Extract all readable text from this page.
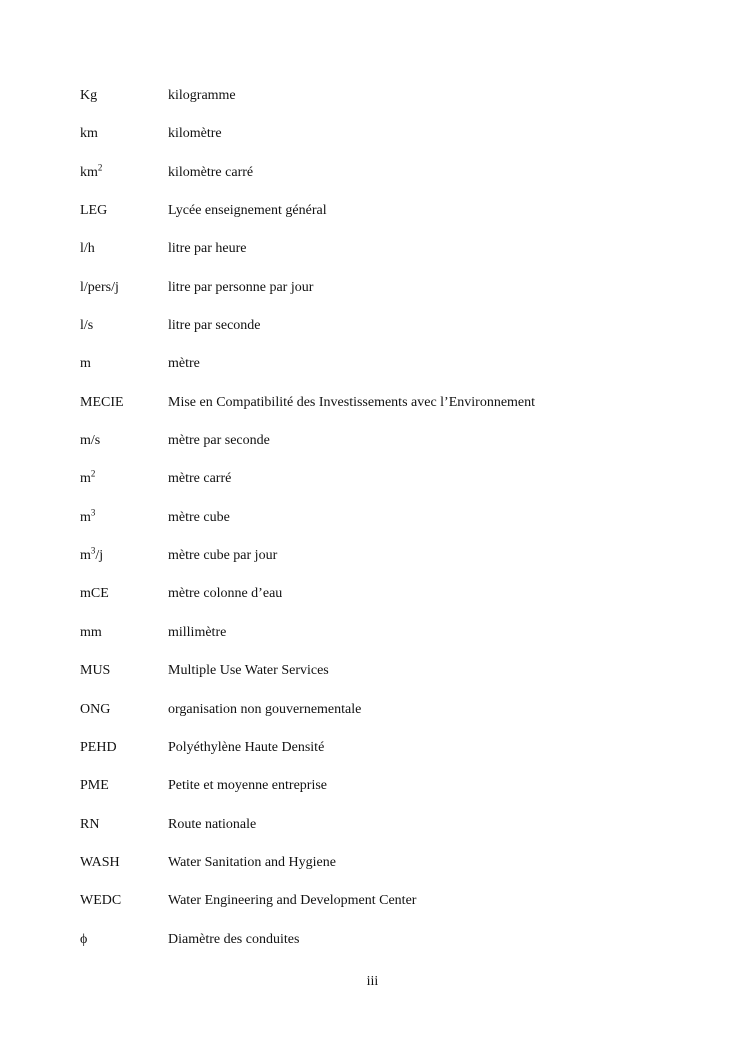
Kg	kilogramme
km	kilomètre
$km^2$	kilomètre carré
LEG	Lycée enseignement général
l/h	litre par heure
l/pers/j	litre par personne par jour
l/s	litre par seconde
m	mètre
MECIE	Mise en Compatibilité des Investissements avec l’Environnement
m/s	mètre par seconde
$m^2$	mètre carré
$m^3$	mètre cube
$m^3/j$	mètre cube par jour
mCE	mètre colonne d’eau
mm	millimètre
MUS	Multiple Use Water Services
ONG	organisation non gouvernementale
PEHD	Polyéthylène Haute Densité
PME	Petite et moyenne entreprise
RN	Route nationale
WASH	Water Sanitation and Hygiene
WEDC	Water Engineering and Development Center
ϕ	Diamètre des conduites
iii
